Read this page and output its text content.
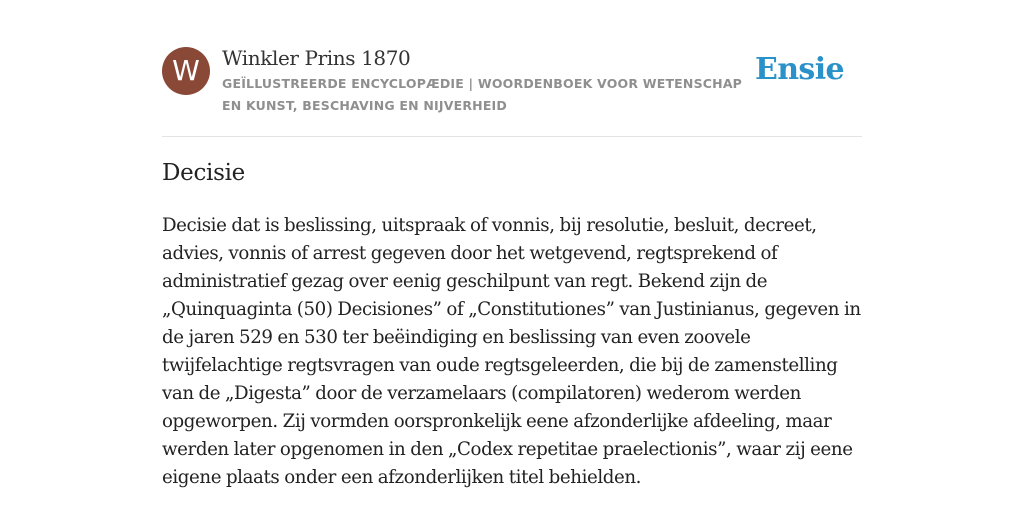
W	Winkler Prins 1870
GEÏLLUSTREERDE ENCYCLOPÆDIE | WOORDENBOEK VOOR WETENSCHAP EN KUNST, BESCHAVING EN NIJVERHEID
Ensie
Decisie

Decisie dat is beslissing, uitspraak of vonnis, bij resolutie, besluit, decreet, advies, vonnis of arrest gegeven door het wetgevend, regtsprekend of administratief gezag over eenig geschilpunt van regt. Bekend zijn de „Quinquaginta (50) Decisiones” of „Constitutiones” van Justinianus, gegeven in de jaren 529 en 530 ter beëindiging en beslissing van even zoovele twijfelachtige regtsvragen van oude regtsgeleerden, die bij de zamenstelling van de „Digesta” door de verzamelaars (compilatoren) wederom werden opgeworpen. Zij vormden oorspronkelijk eene afzonderlijke afdeeling, maar werden later opgenomen in den „Codex repetitae praelectionis”, waar zij eene eigene plaats onder een afzonderlijken titel behielden.
